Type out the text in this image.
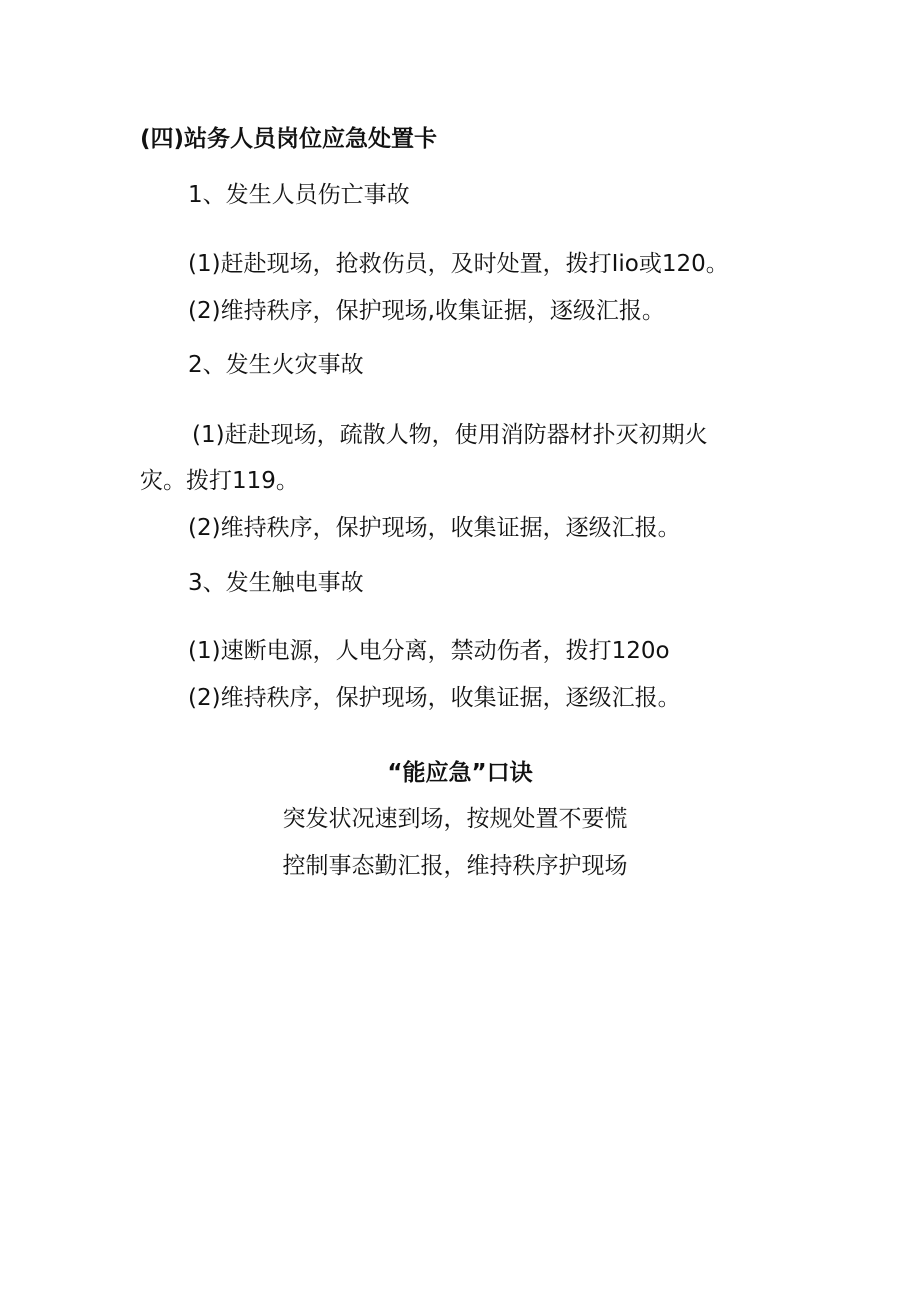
(四)站务人员岗位应急处置卡
1、发生人员伤亡事故
(1)赶赴现场，抢救伤员，及时处置，拨打Iio或120。
(2)维持秩序，保护现场,收集证据，逐级汇报。
2、发生火灾事故
(1)赶赴现场，疏散人物，使用消防器材扑灭初期火
灾。拨打119。
(2)维持秩序，保护现场，收集证据，逐级汇报。
3、发生触电事故
(1)速断电源，人电分离，禁动伤者，拨打120o
(2)维持秩序，保护现场，收集证据，逐级汇报。
“能应急”口诀
突发状况速到场，按规处置不要慌
控制事态勤汇报，维持秩序护现场
